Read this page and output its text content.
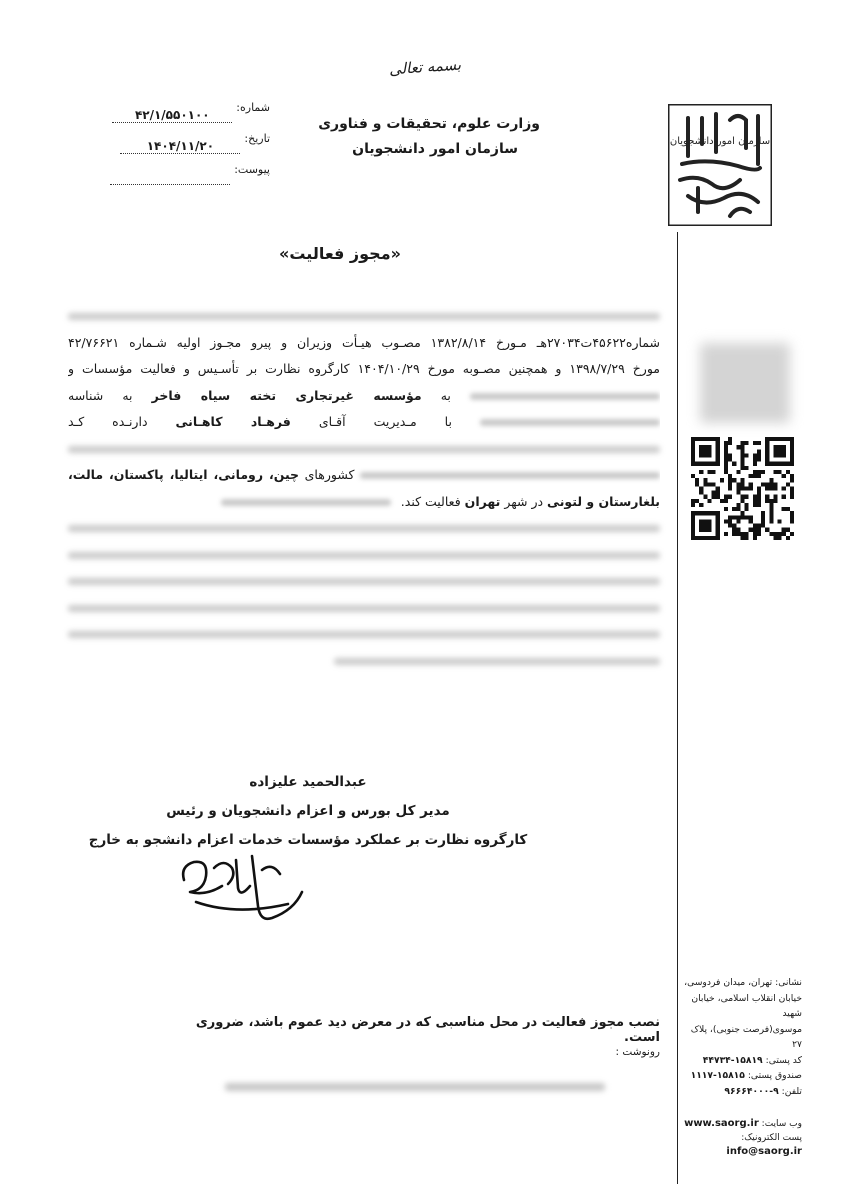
بسمه تعالی
وزارت علوم، تحقیقات و فناوری
سازمان امور دانشجویان
شماره:
۴۲/۱/۵۵۰۱۰۰
تاریخ:
۱۴۰۴/۱۱/۲۰
پیوست:

سازمان امور دانشجویان
«مجوز فعالیت»
شماره۴۵۶۲۲ت۲۷۰۳۴هـ مـورخ ۱۳۸۲/۸/۱۴ مصـوب هیـأت وزیران و پیرو مجـوز اولیه شـماره ۴۲/۷۶۶۲۱
مورخ ۱۳۹۸/۷/۲۹ و همچنین مصـوبه مورخ ۱۴۰۴/۱۰/۲۹ کارگروه نظارت بر تأسـیس و فعالیت مؤسسات و
به مؤسسه غیرتجاری تخته سیاه فاخر به شناسه
با مـدیریت آقـای فرهـاد کاهـانی دارنـده کـد
کشورهای چین، رومانی، ایتالیا، پاکستان، مالت،
بلغارستان و لتونی در شهر تهران فعالیت کند.
عبدالحمید علیزاده
مدیر کل بورس و اعزام دانشجویان و رئیس
کارگروه نظارت بر عملکرد مؤسسات خدمات اعزام دانشجو به خارج
نصب مجوز فعالیت در محل مناسبی که در معرض دید عموم باشد، ضروری است.
رونوشت :
نشانی: تهران، میدان فردوسی،
خیابان انقلاب اسلامی، خیابان شهید
موسوی(فرصت جنوبی)، پلاک ۲۷
کد پستی: ۱۵۸۱۹-۴۴۷۳۴
صندوق پستی: ۱۵۸۱۵-۱۱۱۷
تلفن: ۹-۹۶۶۶۴۰۰۰
وب سایت: www.saorg.ir
پست الکترونیک: info@saorg.ir
